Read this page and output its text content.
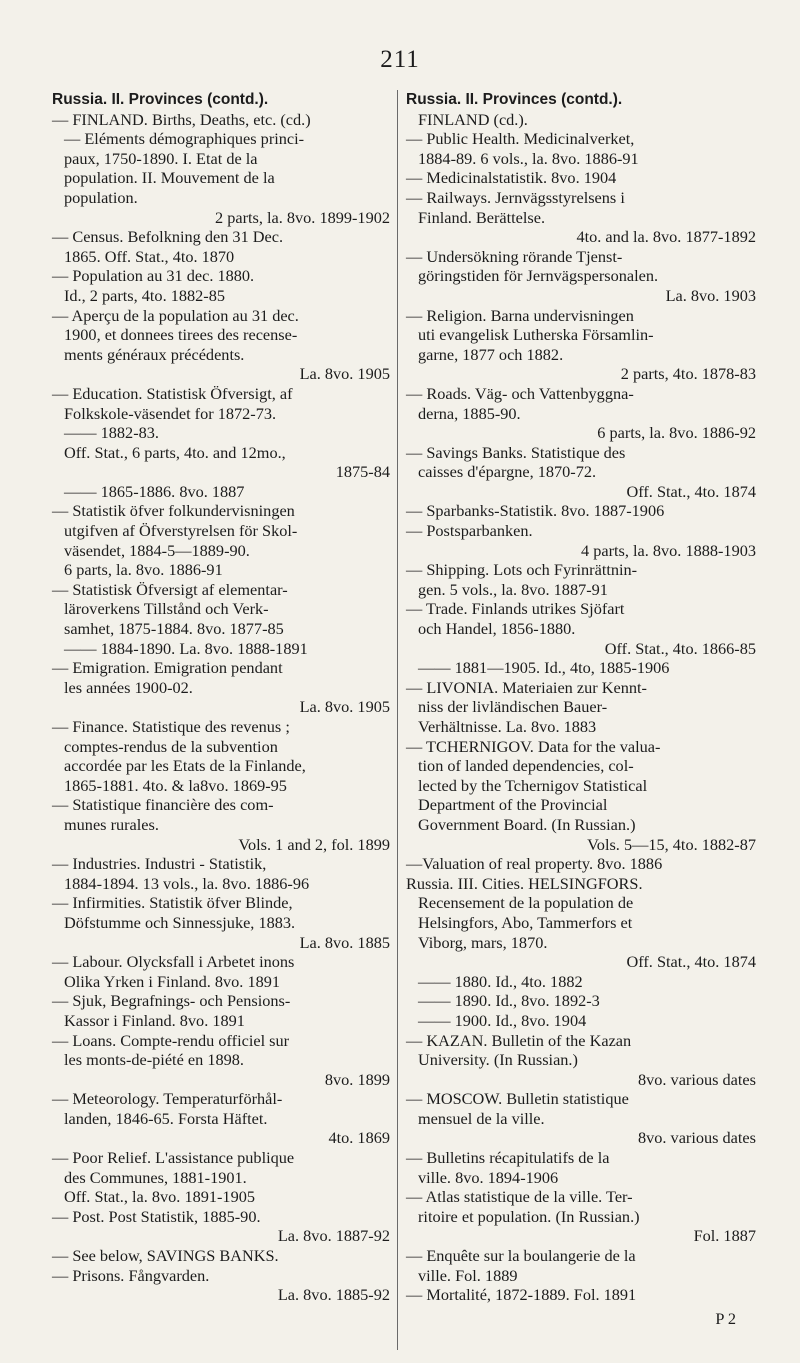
211

Russia. II. Provinces (contd.).

— FINLAND. Births, Deaths, etc. (cd.)
— Eléments démographiques princi-
paux, 1750-1890. I. Etat de la
population. II. Mouvement de la
population.

2 parts, la. 8vo. 1899-1902

— Census. Befolkning den 31 Dec.
1865. Off. Stat., 4to. 1870

— Population au 31 dec. 1880.

Id., 2 parts, 4to. 1882-85

— Aperçu de la population au 31 dec.
1900, et donnees tirees des recense-
ments généraux précédents.

La. 8vo. 1905

— Education. Statistisk Öfversigt, af
Folkskole-väsendet for 1872-73.

—— 1882-83.

Off. Stat., 6 parts, 4to. and 12mo.,

1875-84

—— 1865-1886. 8vo. 1887

— Statistik öfver folkundervisningen
utgifven af Öfverstyrelsen för Skol-
väsendet, 1884-5—1889-90.

6 parts, la. 8vo. 1886-91

— Statistisk Öfversigt af elementar-
läroverkens Tillstånd och Verk-
samhet, 1875-1884. 8vo. 1877-85

—— 1884-1890. La. 8vo. 1888-1891

— Emigration. Emigration pendant
les années 1900-02.

La. 8vo. 1905

— Finance. Statistique des revenus ;
comptes-rendus de la subvention
accordée par les Etats de la Finlande,
1865-1881. 4to. & la8vo. 1869-95

— Statistique financière des com-
munes rurales.

Vols. 1 and 2, fol. 1899

— Industries. Industri - Statistik,
1884-1894. 13 vols., la. 8vo. 1886-96

— Infirmities. Statistik öfver Blinde,
Döfstumme och Sinnessjuke, 1883.

La. 8vo. 1885

— Labour. Olycksfall i Arbetet inons
Olika Yrken i Finland. 8vo. 1891

— Sjuk, Begrafnings- och Pensions-
Kassor i Finland. 8vo. 1891

— Loans. Compte-rendu officiel sur
les monts-de-piété en 1898.

8vo. 1899

— Meteorology. Temperaturförhål-
landen, 1846-65. Forsta Häftet.

4to. 1869

— Poor Relief. L'assistance publique
des Communes, 1881-1901.

Off. Stat., la. 8vo. 1891-1905

— Post. Post Statistik, 1885-90.

La. 8vo. 1887-92

— See below, SAVINGS BANKS.

— Prisons. Fångvarden.

La. 8vo. 1885-92

Russia. II. Provinces (contd.).

FINLAND (cd.).

— Public Health. Medicinalverket,
1884-89. 6 vols., la. 8vo. 1886-91

— Medicinalstatistik. 8vo. 1904

— Railways. Jernvägsstyrelsens i
Finland. Berättelse.

4to. and la. 8vo. 1877-1892

— Undersökning rörande Tjenst-
göringstiden för Jernvägspersonalen.

La. 8vo. 1903

— Religion. Barna undervisningen
uti evangelisk Lutherska Församlin-
garne, 1877 och 1882.

2 parts, 4to. 1878-83

— Roads. Väg- och Vattenbyggna-
derna, 1885-90.

6 parts, la. 8vo. 1886-92

— Savings Banks. Statistique des
caisses d'épargne, 1870-72.

Off. Stat., 4to. 1874

— Sparbanks-Statistik. 8vo. 1887-1906

— Postsparbanken.

4 parts, la. 8vo. 1888-1903

— Shipping. Lots och Fyrinrättnin-
gen. 5 vols., la. 8vo. 1887-91

— Trade. Finlands utrikes Sjöfart
och Handel, 1856-1880.

Off. Stat., 4to. 1866-85

—— 1881—1905. Id., 4to, 1885-1906

— LIVONIA. Materiaien zur Kennt-
niss der livländischen Bauer-
Verhältnisse. La. 8vo. 1883

— TCHERNIGOV. Data for the valua-
tion of landed dependencies, col-
lected by the Tchernigov Statistical
Department of the Provincial
Government Board. (In Russian.)

Vols. 5—15, 4to. 1882-87

—Valuation of real property. 8vo. 1886

Russia. III. Cities. HELSINGFORS.
Recensement de la population de
Helsingfors, Abo, Tammerfors et
Viborg, mars, 1870.

Off. Stat., 4to. 1874

—— 1880. Id., 4to. 1882

—— 1890. Id., 8vo. 1892-3

—— 1900. Id., 8vo. 1904

— KAZAN. Bulletin of the Kazan
University. (In Russian.)

8vo. various dates

— MOSCOW. Bulletin statistique
mensuel de la ville.

8vo. various dates

— Bulletins récapitulatifs de la
ville. 8vo. 1894-1906

— Atlas statistique de la ville. Ter-
ritoire et population. (In Russian.)

Fol. 1887

— Enquête sur la boulangerie de la
ville. Fol. 1889

— Mortalité, 1872-1889. Fol. 1891

P 2
